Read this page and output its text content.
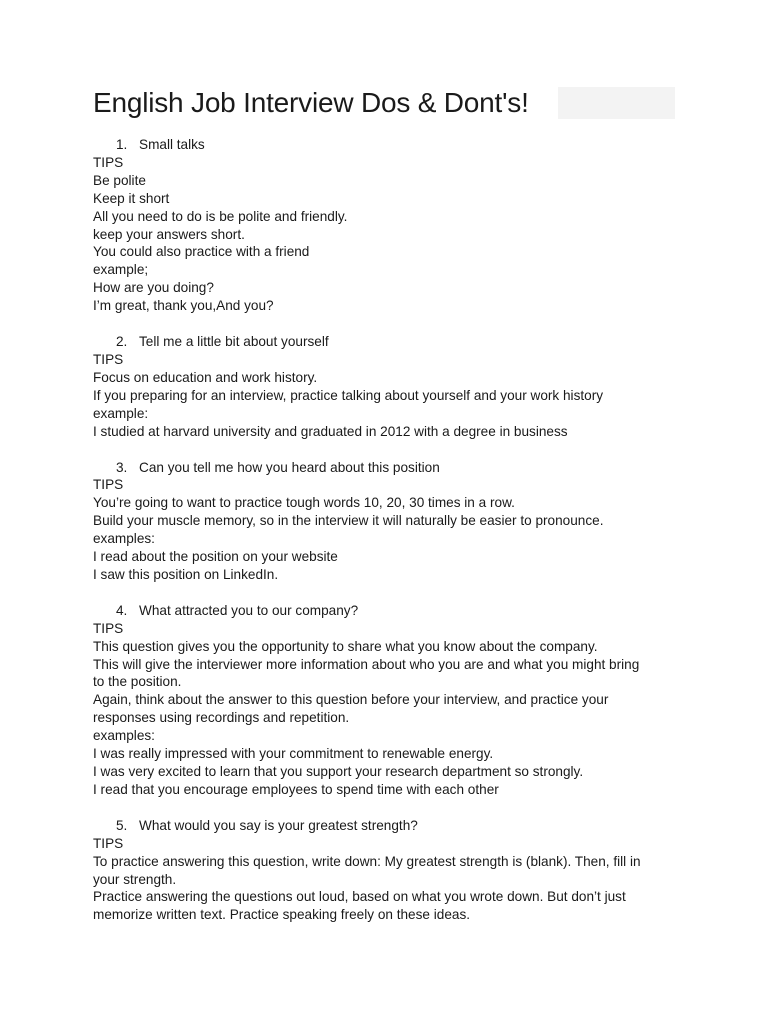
English Job Interview Dos & Dont's!
1. Small talks

TIPS

Be polite

Keep it short

All you need to do is be polite and friendly.

keep your answers short.

You could also practice with a friend

example;

How are you doing?

I’m great, thank you,And you?

2. Tell me a little bit about yourself

TIPS

Focus on education and work history.

If you preparing for an interview, practice talking about yourself and your work history

example:

I studied at harvard university and graduated in 2012 with a degree in business

3. Can you tell me how you heard about this position

TIPS

You’re going to want to practice tough words 10, 20, 30 times in a row.

Build your muscle memory, so in the interview it will naturally be easier to pronounce.

examples:

I read about the position on your website

I saw this position on LinkedIn.

4. What attracted you to our company?

TIPS

This question gives you the opportunity to share what you know about the company.

This will give the interviewer more information about who you are and what you might bring

to the position.

Again, think about the answer to this question before your interview, and practice your

responses using recordings and repetition.

examples:

I was really impressed with your commitment to renewable energy.

I was very excited to learn that you support your research department so strongly.

I read that you encourage employees to spend time with each other

5. What would you say is your greatest strength?

TIPS

To practice answering this question, write down: My greatest strength is (blank). Then, fill in

your strength.

Practice answering the questions out loud, based on what you wrote down. But don’t just

memorize written text. Practice speaking freely on these ideas.
